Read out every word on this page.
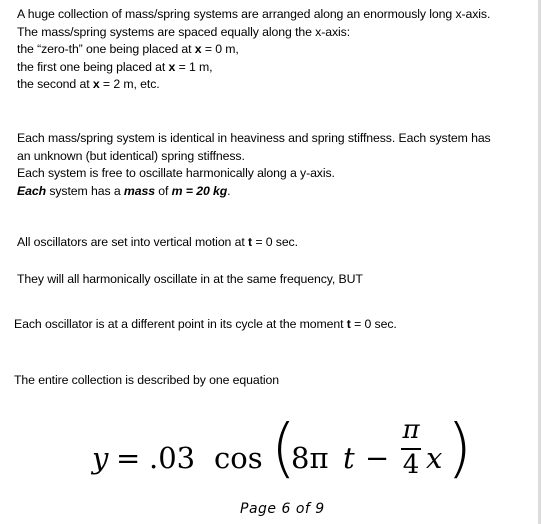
A huge collection of mass/spring systems are arranged along an enormously long x-axis.
The mass/spring systems are spaced equally along the x-axis:
the “zero-th” one being placed at x = 0 m,
the first one being placed at x = 1 m,
the second at x = 2 m, etc.
Each mass/spring system is identical in heaviness and spring stiffness. Each system has
an unknown (but identical) spring stiffness.
Each system is free to oscillate harmonically along a y-axis.
Each system has a mass of m = 20 kg.
All oscillators are set into vertical motion at t = 0 sec.
They will all harmonically oscillate in at the same frequency, BUT
Each oscillator is at a different point in its cycle at the moment t = 0 sec.
The entire collection is described by one equation
y = .03 cos (
8π t −
π
4 x )
Page 6 of 9
